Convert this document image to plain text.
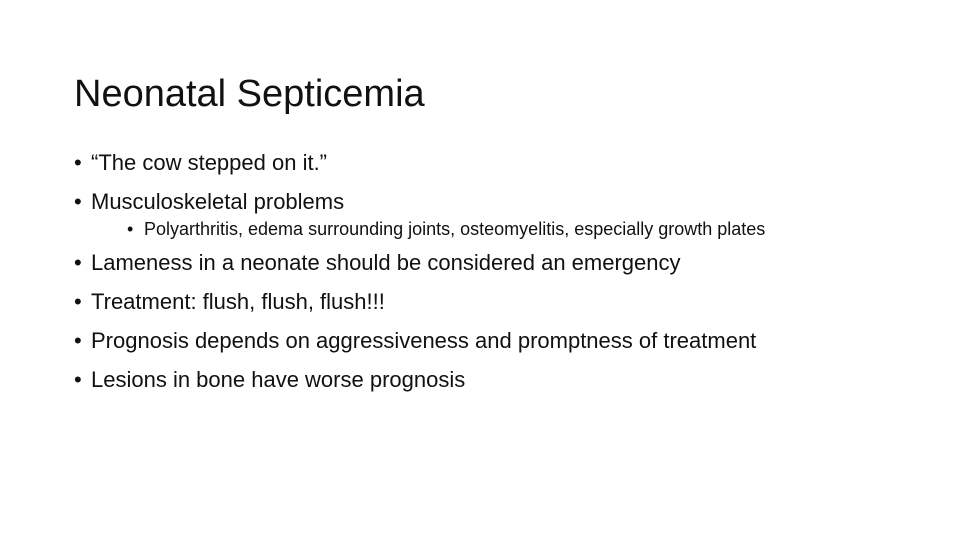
Neonatal Septicemia
• “The cow stepped on it.”
• Musculoskeletal problems
• Polyarthritis, edema surrounding joints, osteomyelitis, especially growth plates
• Lameness in a neonate should be considered an emergency
• Treatment: flush, flush, flush!!!
• Prognosis depends on aggressiveness and promptness of treatment
• Lesions in bone have worse prognosis
